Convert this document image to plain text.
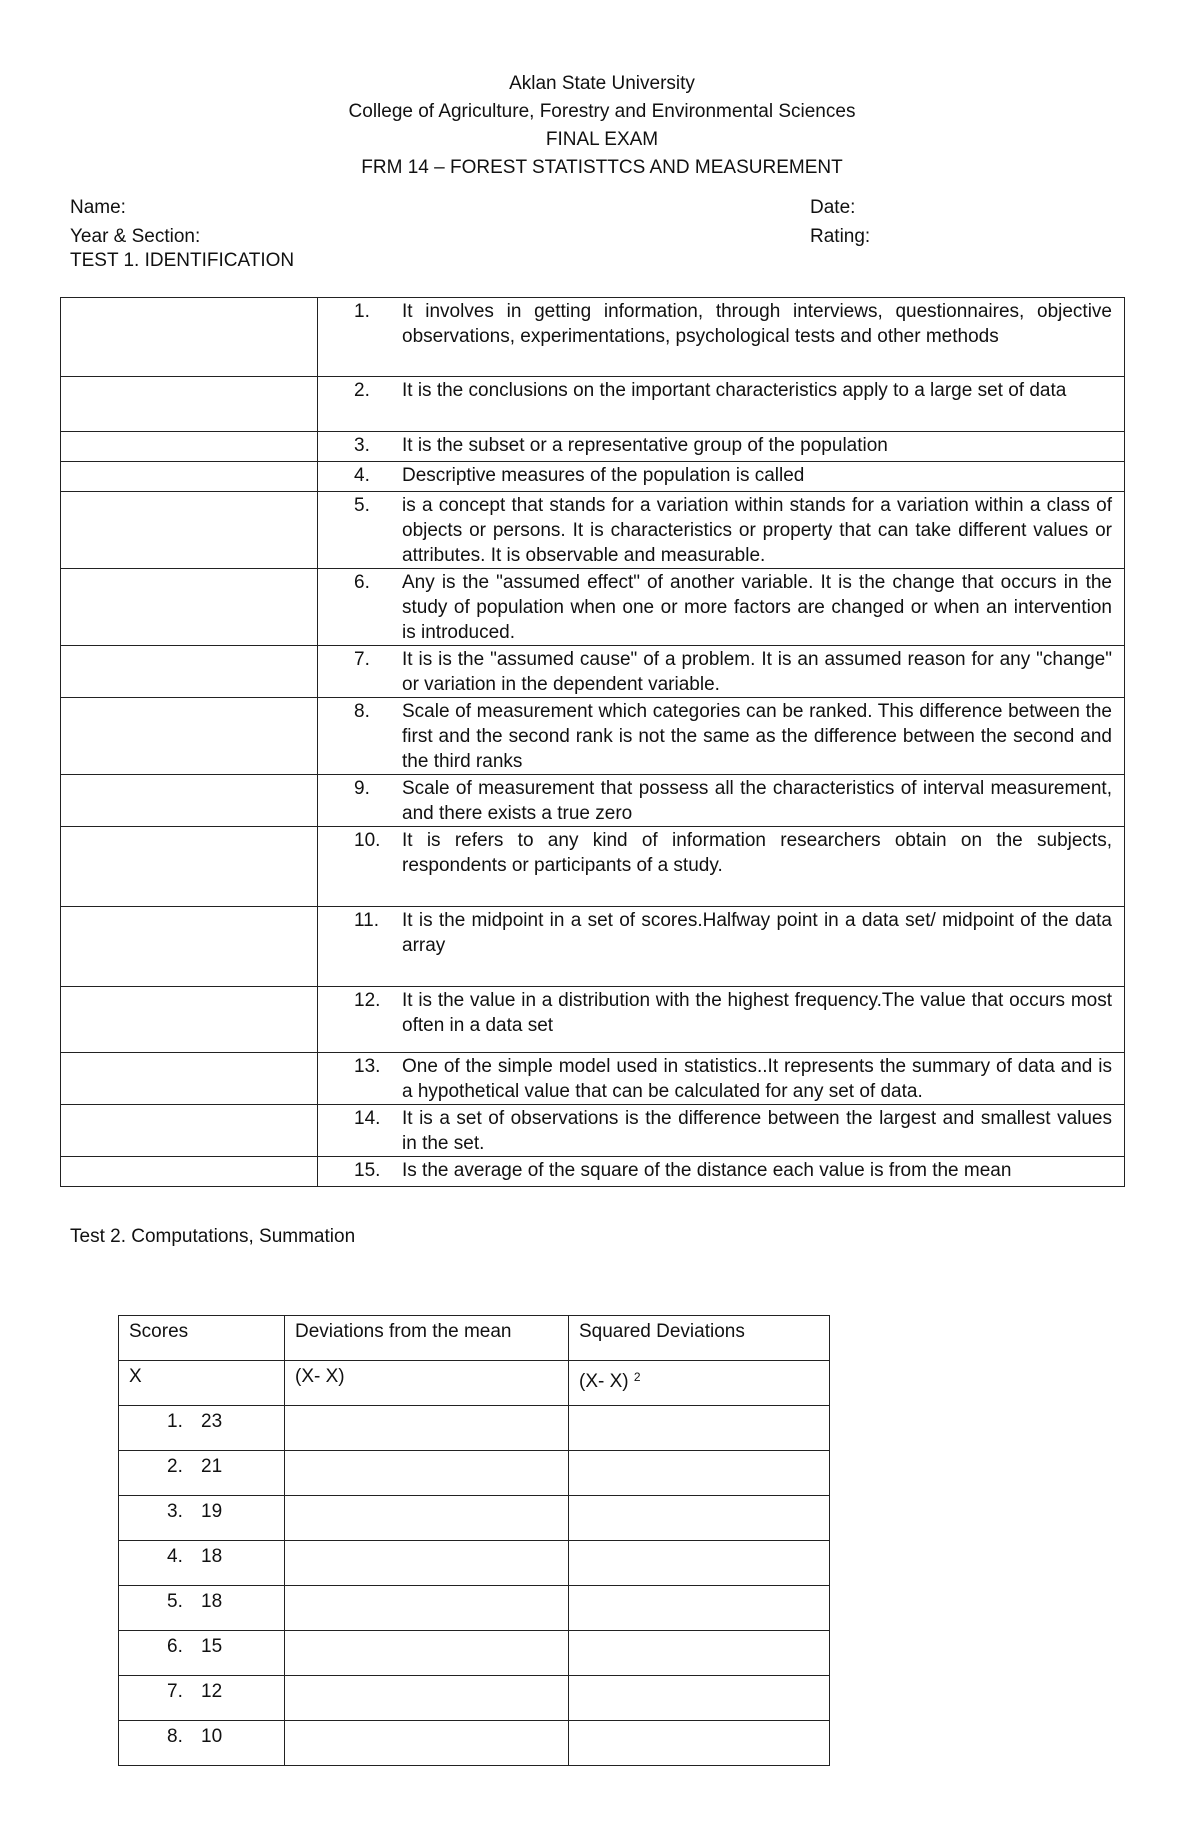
Aklan State University
College of Agriculture, Forestry and Environmental Sciences
FINAL EXAM
FRM 14 – FOREST STATISTTCS AND MEASUREMENT
Name:	Date:
Year & Section:	Rating:
TEST 1. IDENTIFICATION

	1. It involves in getting information, through interviews, questionnaires, objective observations, experimentations, psychological tests and other methods

	2. It is the conclusions on the important characteristics apply to a large set of data

	3. It is the subset or a representative group of the population

	4. Descriptive measures of the population is called

	5. is a concept that stands for a variation within stands for a variation within a class of objects or persons. It is characteristics or property that can take different values or attributes. It is observable and measurable.

	6. Any is the "assumed effect" of another variable. It is the change that occurs in the study of population when one or more factors are changed or when an intervention is introduced.

	7. It is is the "assumed cause" of a problem. It is an assumed reason for any "change" or variation in the dependent variable.

	8. Scale of measurement which categories can be ranked. This difference between the first and the second rank is not the same as the difference between the second and the third ranks

	9. Scale of measurement that possess all the characteristics of interval measurement, and there exists a true zero

	10. It is refers to any kind of information researchers obtain on the subjects, respondents or participants of a study.

	11. It is the midpoint in a set of scores.Halfway point in a data set/ midpoint of the data array

	12. It is the value in a distribution with the highest frequency.The value that occurs most often in a data set

	13. One of the simple model used in statistics..It represents the summary of data and is a hypothetical value that can be calculated for any set of data.

	14. It is a set of observations is the difference between the largest and smallest values in the set.

	15. Is the average of the square of the distance each value is from the mean
Test 2. Computations, Summation
Scores	Deviations from the mean	Squared Deviations
X	(X- X)	(X- X) $^2$
1. 23		
2. 21		
3. 19		
4. 18		
5. 18		
6. 15		
7. 12		
8. 10		
